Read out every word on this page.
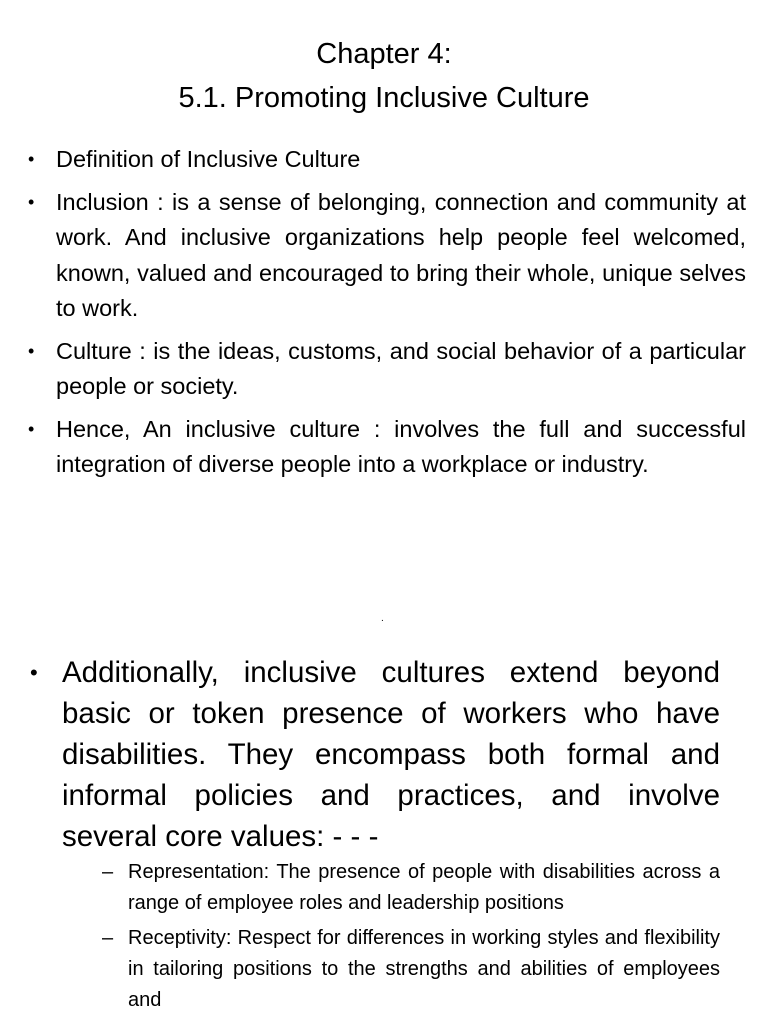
Chapter 4:
5.1. Promoting Inclusive Culture
• Definition of Inclusive Culture
• Inclusion : is a sense of belonging, connection and community at work. And inclusive organizations help people feel welcomed, known, valued and encouraged to bring their whole, unique selves to work.
• Culture : is the ideas, customs, and social behavior of a particular people or society.
• Hence, An inclusive culture : involves the full and successful integration of diverse people into a workplace or industry.
.
• Additionally, inclusive cultures extend beyond basic or token presence of workers who have disabilities. They encompass both formal and informal policies and practices, and involve several core values: - - -
– Representation: The presence of people with disabilities across a range of employee roles and leadership positions
– Receptivity: Respect for differences in working styles and flexibility in tailoring positions to the strengths and abilities of employees and
